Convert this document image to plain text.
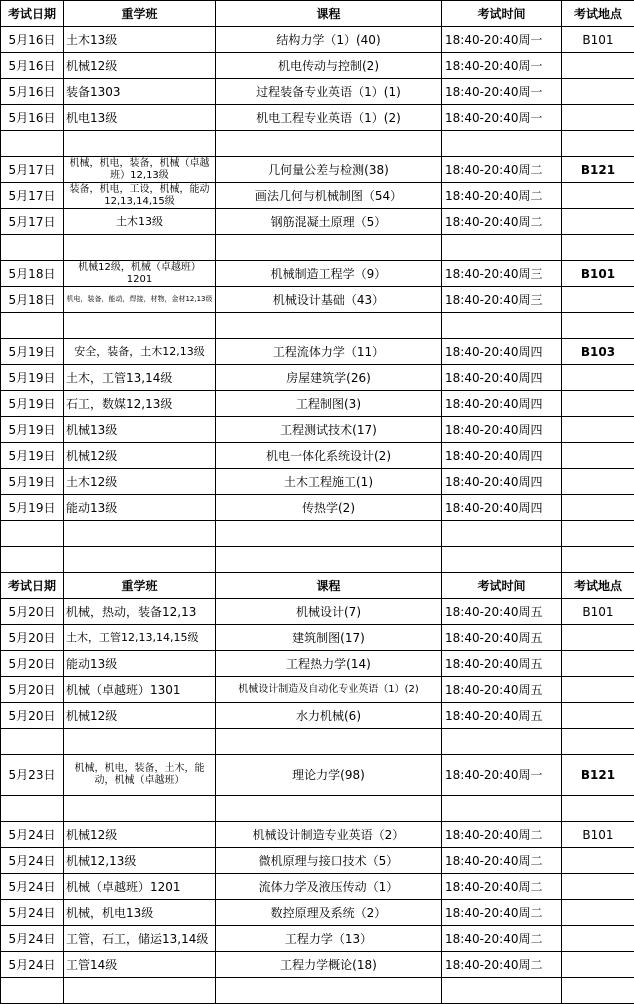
考试日期	重学班	课程	考试时间	考试地点
5月16日	土木13级	结构力学（1）(40)	18:40-20:40周一	B101
5月16日	机械12级	机电传动与控制(2)	18:40-20:40周一	
5月16日	装备1303	过程装备专业英语（1）(1)	18:40-20:40周一	
5月16日	机电13级	机电工程专业英语（1）(2)	18:40-20:40周一	

5月17日	机械，机电，装备，机械（卓越班）12,13级	几何量公差与检测(38)	18:40-20:40周二	B121
5月17日	装备，机电，工设，机械，能动12,13,14,15级	画法几何与机械制图（54）	18:40-20:40周二	
5月17日	土木13级	钢筋混凝土原理（5）	18:40-20:40周二	

5月18日	机械12级，机械（卓越班）1201	机械制造工程学（9）	18:40-20:40周三	B101
5月18日	机电，装备，能动，焊接，材物，金材12,13级	机械设计基础（43）	18:40-20:40周三	

5月19日	安全，装备，土木12,13级	工程流体力学（11）	18:40-20:40周四	B103
5月19日	土木，工管13,14级	房屋建筑学(26)	18:40-20:40周四	
5月19日	石工，数媒12,13级	工程制图(3)	18:40-20:40周四	
5月19日	机械13级	工程测试技术(17)	18:40-20:40周四	
5月19日	机械12级	机电一体化系统设计(2)	18:40-20:40周四	
5月19日	土木12级	土木工程施工(1)	18:40-20:40周四	
5月19日	能动13级	传热学(2)	18:40-20:40周四	

考试日期	重学班	课程	考试时间	考试地点
5月20日	机械，热动，装备12,13	机械设计(7)	18:40-20:40周五	B101
5月20日	土木，工管12,13,14,15级	建筑制图(17)	18:40-20:40周五	
5月20日	能动13级	工程热力学(14)	18:40-20:40周五	
5月20日	机械（卓越班）1301	机械设计制造及自动化专业英语（1）(2)	18:40-20:40周五	
5月20日	机械12级	水力机械(6)	18:40-20:40周五	

5月23日	机械，机电，装备，土木，能动，机械（卓越班）	理论力学(98)	18:40-20:40周一	B121

5月24日	机械12级	机械设计制造专业英语（2）	18:40-20:40周二	B101
5月24日	机械12,13级	微机原理与接口技术（5）	18:40-20:40周二	
5月24日	机械（卓越班）1201	流体力学及液压传动（1）	18:40-20:40周二	
5月24日	机械，机电13级	数控原理及系统（2）	18:40-20:40周二	
5月24日	工管，石工，储运13,14级	工程力学（13）	18:40-20:40周二	
5月24日	工管14级	工程力学概论(18)	18:40-20:40周二	
